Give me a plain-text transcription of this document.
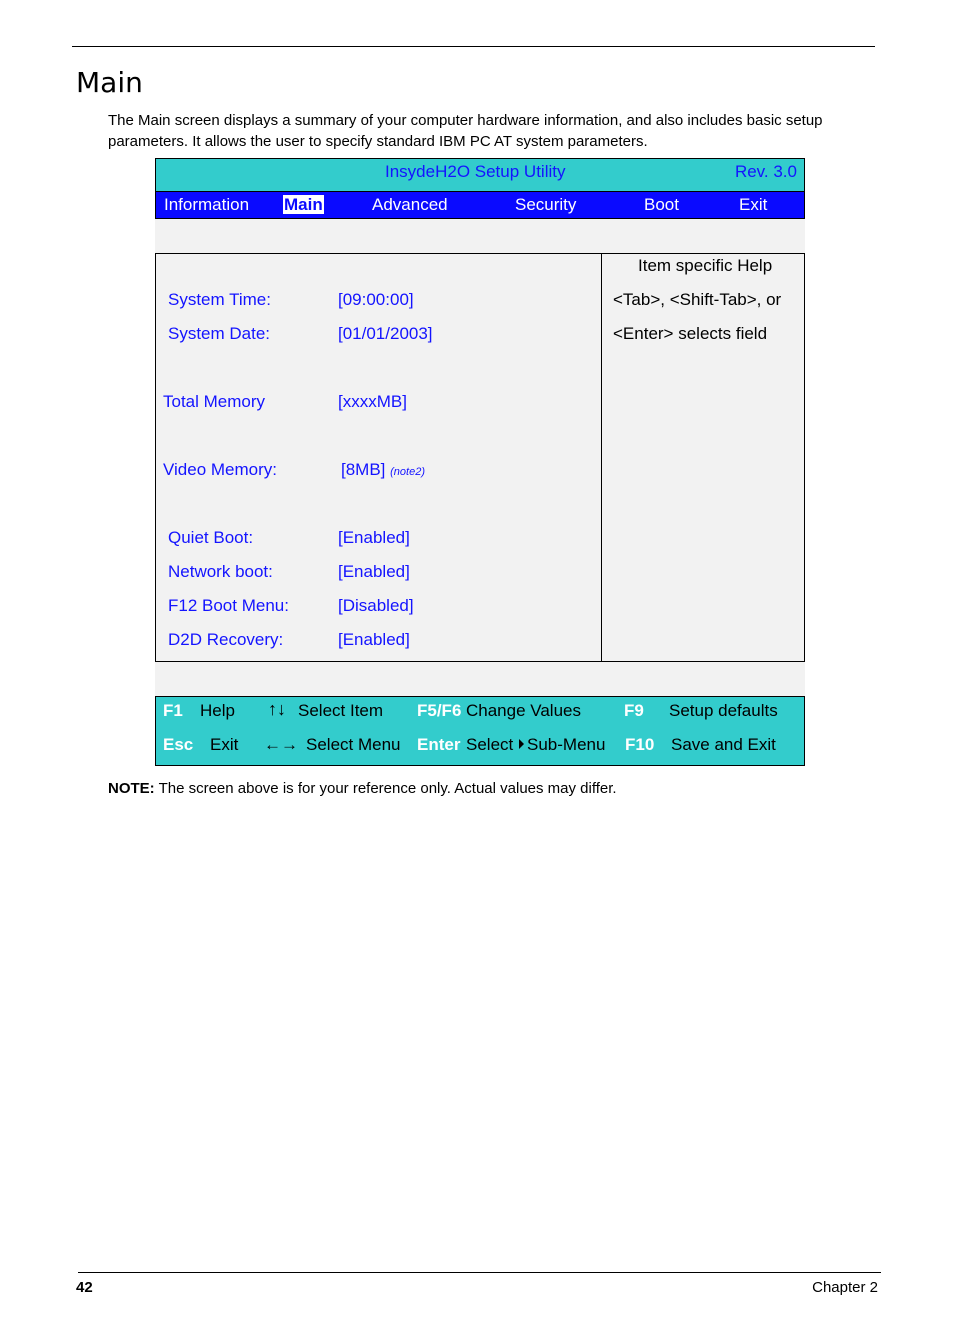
Main
The Main screen displays a summary of your computer hardware information, and also includes basic setup parameters. It allows the user to specify standard IBM PC AT system parameters.
InsydeH2O Setup Utility	Rev. 3.0
Information Main	Advanced	Security	Boot	Exit
System Time:	[09:00:00]
System Date:	[01/01/2003]
Total Memory	[xxxxMB]
Video Memory:	[8MB] (note2)
Quiet Boot:	[Enabled]
Network boot:	[Enabled]
F12 Boot Menu:	[Disabled]
D2D Recovery:	[Enabled]
Item specific Help
<Tab>, <Shift-Tab>, or
<Enter> selects field
F1 Help ↑↓ Select Item F5/F6 Change Values	F9 Setup defaults
Esc Exit ←→ Select Menu Enter Select Sub-Menu F10 Save and Exit
NOTE: The screen above is for your reference only. Actual values may differ.
42	Chapter 2
